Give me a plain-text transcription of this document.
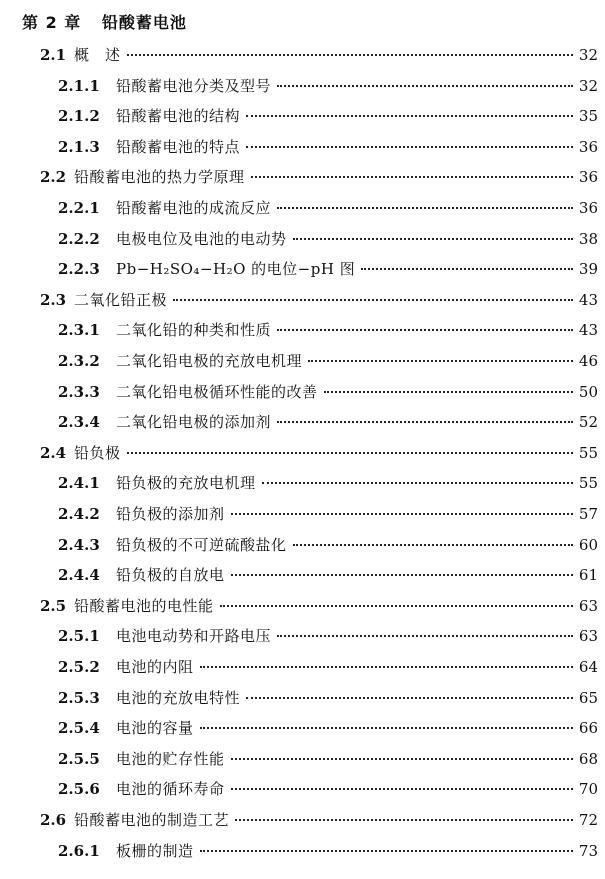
第 2 章 铅酸蓄电池
2.1 概　述	32
2.1.1	铅酸蓄电池分类及型号	32
2.1.2	铅酸蓄电池的结构	35
2.1.3	铅酸蓄电池的特点	36
2.2 铅酸蓄电池的热力学原理	36
2.2.1	铅酸蓄电池的成流反应	36
2.2.2	电极电位及电池的电动势	38
2.2.3	Pb−H₂SO₄−H₂O 的电位−pH 图	39
2.3 二氧化铅正极	43
2.3.1	二氧化铅的种类和性质	43
2.3.2	二氧化铅电极的充放电机理	46
2.3.3	二氧化铅电极循环性能的改善	50
2.3.4	二氧化铅电极的添加剂	52
2.4 铅负极	55
2.4.1	铅负极的充放电机理	55
2.4.2	铅负极的添加剂	57
2.4.3	铅负极的不可逆硫酸盐化	60
2.4.4	铅负极的自放电	61
2.5 铅酸蓄电池的电性能	63
2.5.1	电池电动势和开路电压	63
2.5.2	电池的内阻	64
2.5.3	电池的充放电特性	65
2.5.4	电池的容量	66
2.5.5	电池的贮存性能	68
2.5.6	电池的循环寿命	70
2.6 铅酸蓄电池的制造工艺	72
2.6.1	板栅的制造	73
